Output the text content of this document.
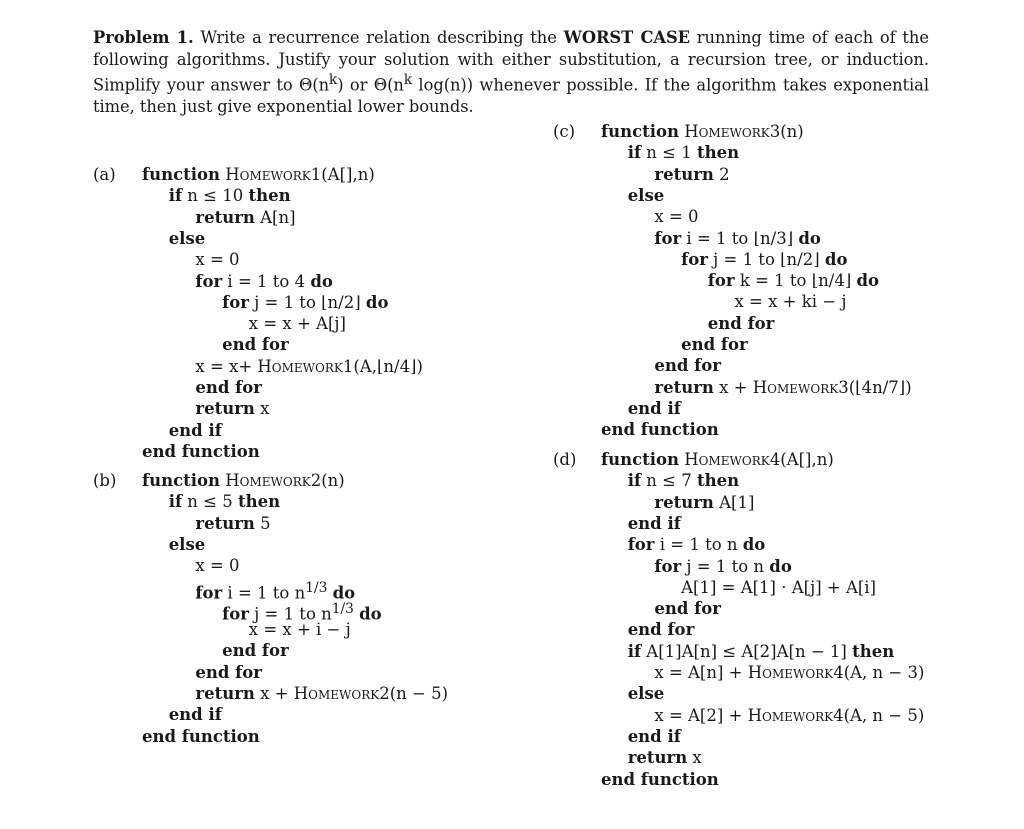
Problem 1. Write a recurrence relation describing the WORST CASE running time of each of the following algorithms. Justify your solution with either substitution, a recursion tree, or induction. Simplify your answer to $\Theta(n^k)$ or $\Theta(n^k$ log(n)) whenever possible. If the algorithm takes exponential time, then just give exponential lower bounds.
(a)
(b)
(c)
(d)
function Homework1(A[],n)
if n ≤ 10 then
return A[n]
else
x = 0
for i = 1 to 4 do
for j = 1 to ⌊n/2⌋ do
x = x + A[j]
end for
x = x+ Homework1(A,⌊n/4⌋)
end for
return x
end if
end function
function Homework2(n)
if n ≤ 5 then
return 5
else
x = 0
for i = 1 to $n^{1/3}$ do
for j = 1 to $n^{1/3}$ do
x = x + i − j
end for
end for
return x + Homework2(n − 5)
end if
end function
function Homework3(n)
if n ≤ 1 then
return 2
else
x = 0
for i = 1 to ⌊n/3⌋ do
for j = 1 to ⌊n/2⌋ do
for k = 1 to ⌊n/4⌋ do
x = x + ki − j
end for
end for
end for
return x + Homework3(⌊4n/7⌋)
end if
end function
function Homework4(A[],n)
if n ≤ 7 then
return A[1]
end if
for i = 1 to n do
for j = 1 to n do
A[1] = A[1] · A[j] + A[i]
end for
end for
if A[1]A[n] ≤ A[2]A[n − 1] then
x = A[n] + Homework4(A, n − 3)
else
x = A[2] + Homework4(A, n − 5)
end if
return x
end function
